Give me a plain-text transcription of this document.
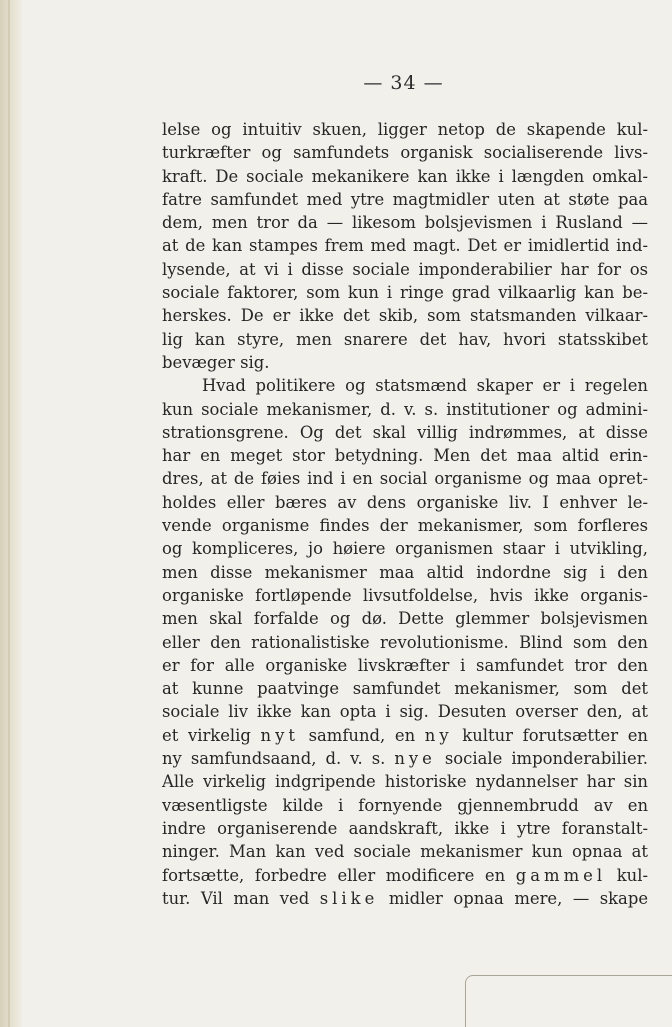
— 34 —
lelse og intuitiv skuen, ligger netop de skapende kul-
turkræfter og samfundets organisk socialiserende livs-
kraft. De sociale mekanikere kan ikke i længden omkal-
fatre samfundet med ytre magtmidler uten at støte paa
dem, men tror da — likesom bolsjevismen i Rusland —
at de kan stampes frem med magt. Det er imidlertid ind-
lysende, at vi i disse sociale imponderabilier har for os
sociale faktorer, som kun i ringe grad vilkaarlig kan be-
herskes. De er ikke det skib, som statsmanden vilkaar-
lig kan styre, men snarere det hav, hvori statsskibet
bevæger sig.
Hvad politikere og statsmænd skaper er i regelen
kun sociale mekanismer, d. v. s. institutioner og admini-
strationsgrene. Og det skal villig indrømmes, at disse
har en meget stor betydning. Men det maa altid erin-
dres, at de føies ind i en social organisme og maa opret-
holdes eller bæres av dens organiske liv. I enhver le-
vende organisme findes der mekanismer, som forfleres
og kompliceres, jo høiere organismen staar i utvikling,
men disse mekanismer maa altid indordne sig i den
organiske fortløpende livsutfoldelse, hvis ikke organis-
men skal forfalde og dø. Dette glemmer bolsjevismen
eller den rationalistiske revolutionisme. Blind som den
er for alle organiske livskræfter i samfundet tror den
at kunne paatvinge samfundet mekanismer, som det
sociale liv ikke kan opta i sig. Desuten overser den, at
et virkelig nyt samfund, en ny kultur forutsætter en
ny samfundsaand, d. v. s. nye sociale imponderabilier.
Alle virkelig indgripende historiske nydannelser har sin
væsentligste kilde i fornyende gjennembrudd av en
indre organiserende aandskraft, ikke i ytre foranstalt-
ninger. Man kan ved sociale mekanismer kun opnaa at
fortsætte, forbedre eller modificere en gammel kul-
tur. Vil man ved slike midler opnaa mere, — skape
